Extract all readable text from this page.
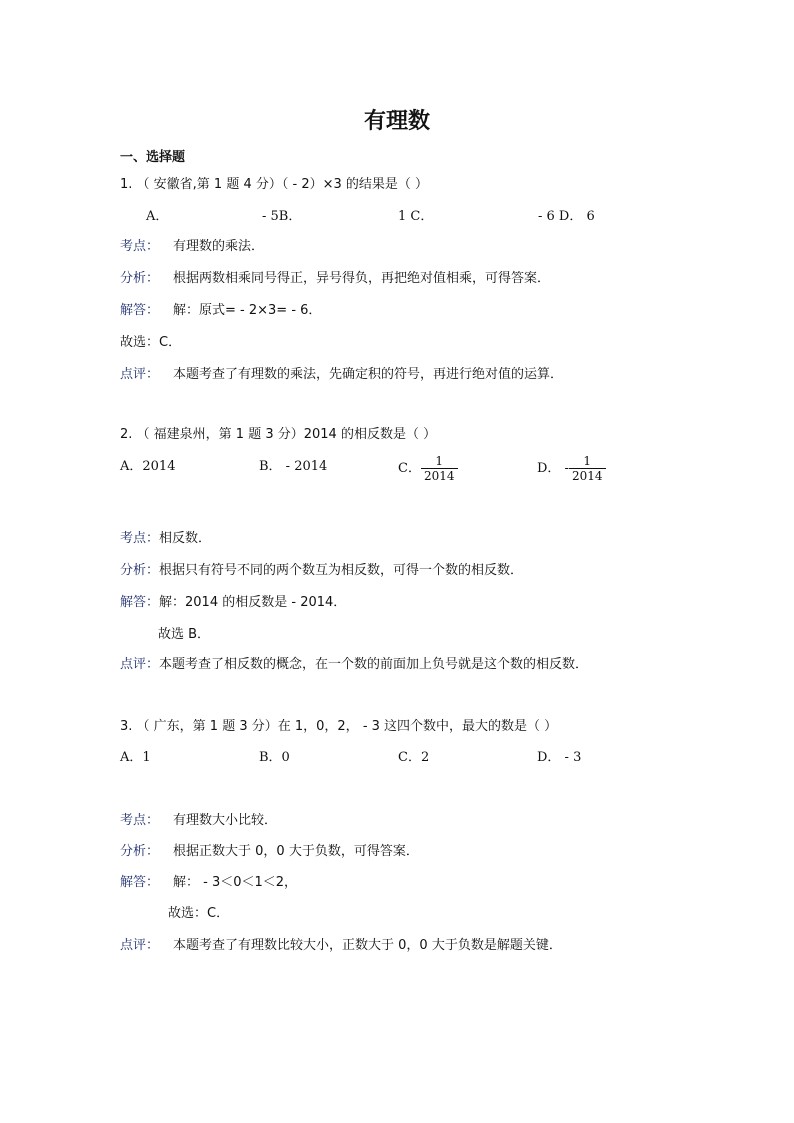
有理数
一、选择题
1. （ 安徽省,第 1 题 4 分）（ - 2）×3 的结果是（ ）
A．	- 5B．	1 C．	- 6 D． 6
考点： 有理数的乘法．
分析： 根据两数相乘同号得正，异号得负，再把绝对值相乘，可得答案．
解答： 解：原式= - 2×3= - 6．
故选：C．
点评： 本题考查了有理数的乘法，先确定积的符号，再进行绝对值的运算．
2. （ 福建泉州，第 1 题 3 分）2014 的相反数是（ ）
A．2014	B． - 2014	C． $\frac{1}{2014}$	D． - $\frac{1}{2014}$
考点：相反数．
分析：根据只有符号不同的两个数互为相反数，可得一个数的相反数．
解答：解：2014 的相反数是 - 2014．
故选 B．
点评：本题考查了相反数的概念，在一个数的前面加上负号就是这个数的相反数．
3. （ 广东，第 1 题 3 分）在 1，0，2， - 3 这四个数中，最大的数是（ ）
A．1	B．0	C．2	D． - 3
考点： 有理数大小比较．
分析： 根据正数大于 0，0 大于负数，可得答案．
解答： 解： - 3＜0＜1＜2，
故选：C．
点评： 本题考查了有理数比较大小，正数大于 0，0 大于负数是解题关键．
